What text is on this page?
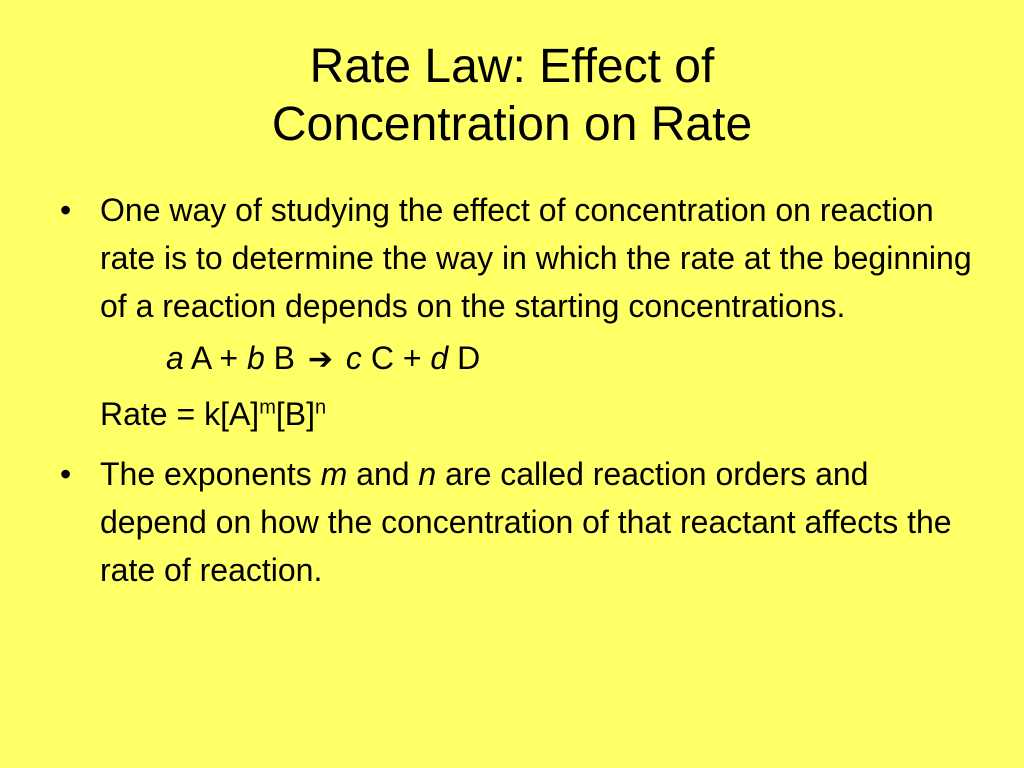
Rate Law: Effect of
Concentration on Rate
• One way of studying the effect of concentration on reaction rate is to determine the way in which the rate at the beginning of a reaction depends on the starting concentrations.
a A + b B ➔ c C + d D
Rate = $k[A]^m[B]^n$
• The exponents m and n are called reaction orders and depend on how the concentration of that reactant affects the rate of reaction.
